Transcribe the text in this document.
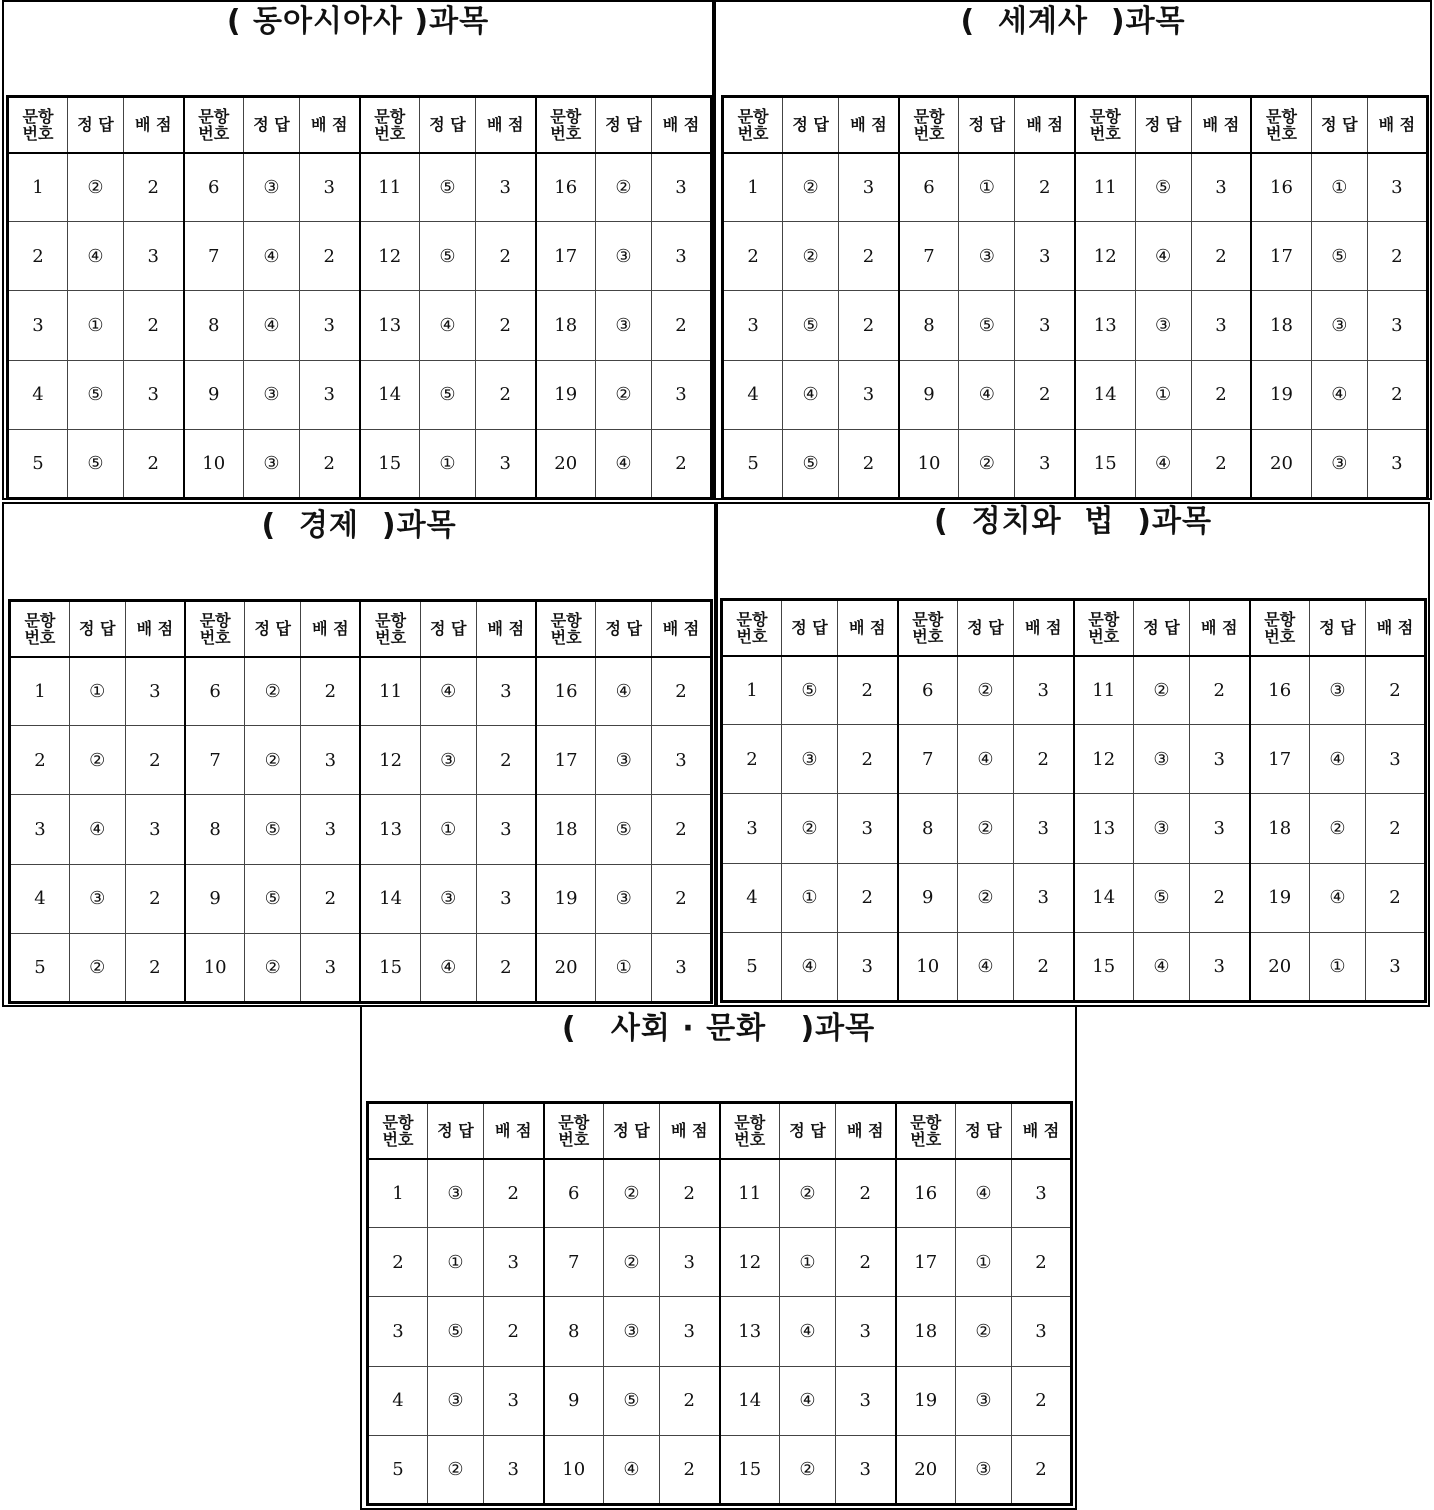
( 동아시아사 )과목
문항
번호	정 답	배 점	문항
번호	정 답	배 점	문항
번호	정 답	배 점	문항
번호	정 답	배 점
1	②	2	6	③	3	11	⑤	3	16	②	3
2	④	3	7	④	2	12	⑤	2	17	③	3
3	①	2	8	④	3	13	④	2	18	③	2
4	⑤	3	9	③	3	14	⑤	2	19	②	3
5	⑤	2	10	③	2	15	①	3	20	④	2
(  세계사  )과목
문항
번호	정 답	배 점	문항
번호	정 답	배 점	문항
번호	정 답	배 점	문항
번호	정 답	배 점
1	②	3	6	①	2	11	⑤	3	16	①	3
2	②	2	7	③	3	12	④	2	17	⑤	2
3	⑤	2	8	⑤	3	13	③	3	18	③	3
4	④	3	9	④	2	14	①	2	19	④	2
5	⑤	2	10	②	3	15	④	2	20	③	3
(  경제  )과목
문항
번호	정 답	배 점	문항
번호	정 답	배 점	문항
번호	정 답	배 점	문항
번호	정 답	배 점
1	①	3	6	②	2	11	④	3	16	④	2
2	②	2	7	②	3	12	③	2	17	③	3
3	④	3	8	⑤	3	13	①	3	18	⑤	2
4	③	2	9	⑤	2	14	③	3	19	③	2
5	②	2	10	②	3	15	④	2	20	①	3
(  정치와  법  )과목
문항
번호	정 답	배 점	문항
번호	정 답	배 점	문항
번호	정 답	배 점	문항
번호	정 답	배 점
1	⑤	2	6	②	3	11	②	2	16	③	2
2	③	2	7	④	2	12	③	3	17	④	3
3	②	3	8	②	3	13	③	3	18	②	2
4	①	2	9	②	3	14	⑤	2	19	④	2
5	④	3	10	④	2	15	④	3	20	①	3
(   사회 · 문화   )과목
문항
번호	정 답	배 점	문항
번호	정 답	배 점	문항
번호	정 답	배 점	문항
번호	정 답	배 점
1	③	2	6	②	2	11	②	2	16	④	3
2	①	3	7	②	3	12	①	2	17	①	2
3	⑤	2	8	③	3	13	④	3	18	②	3
4	③	3	9	⑤	2	14	④	3	19	③	2
5	②	3	10	④	2	15	②	3	20	③	2
